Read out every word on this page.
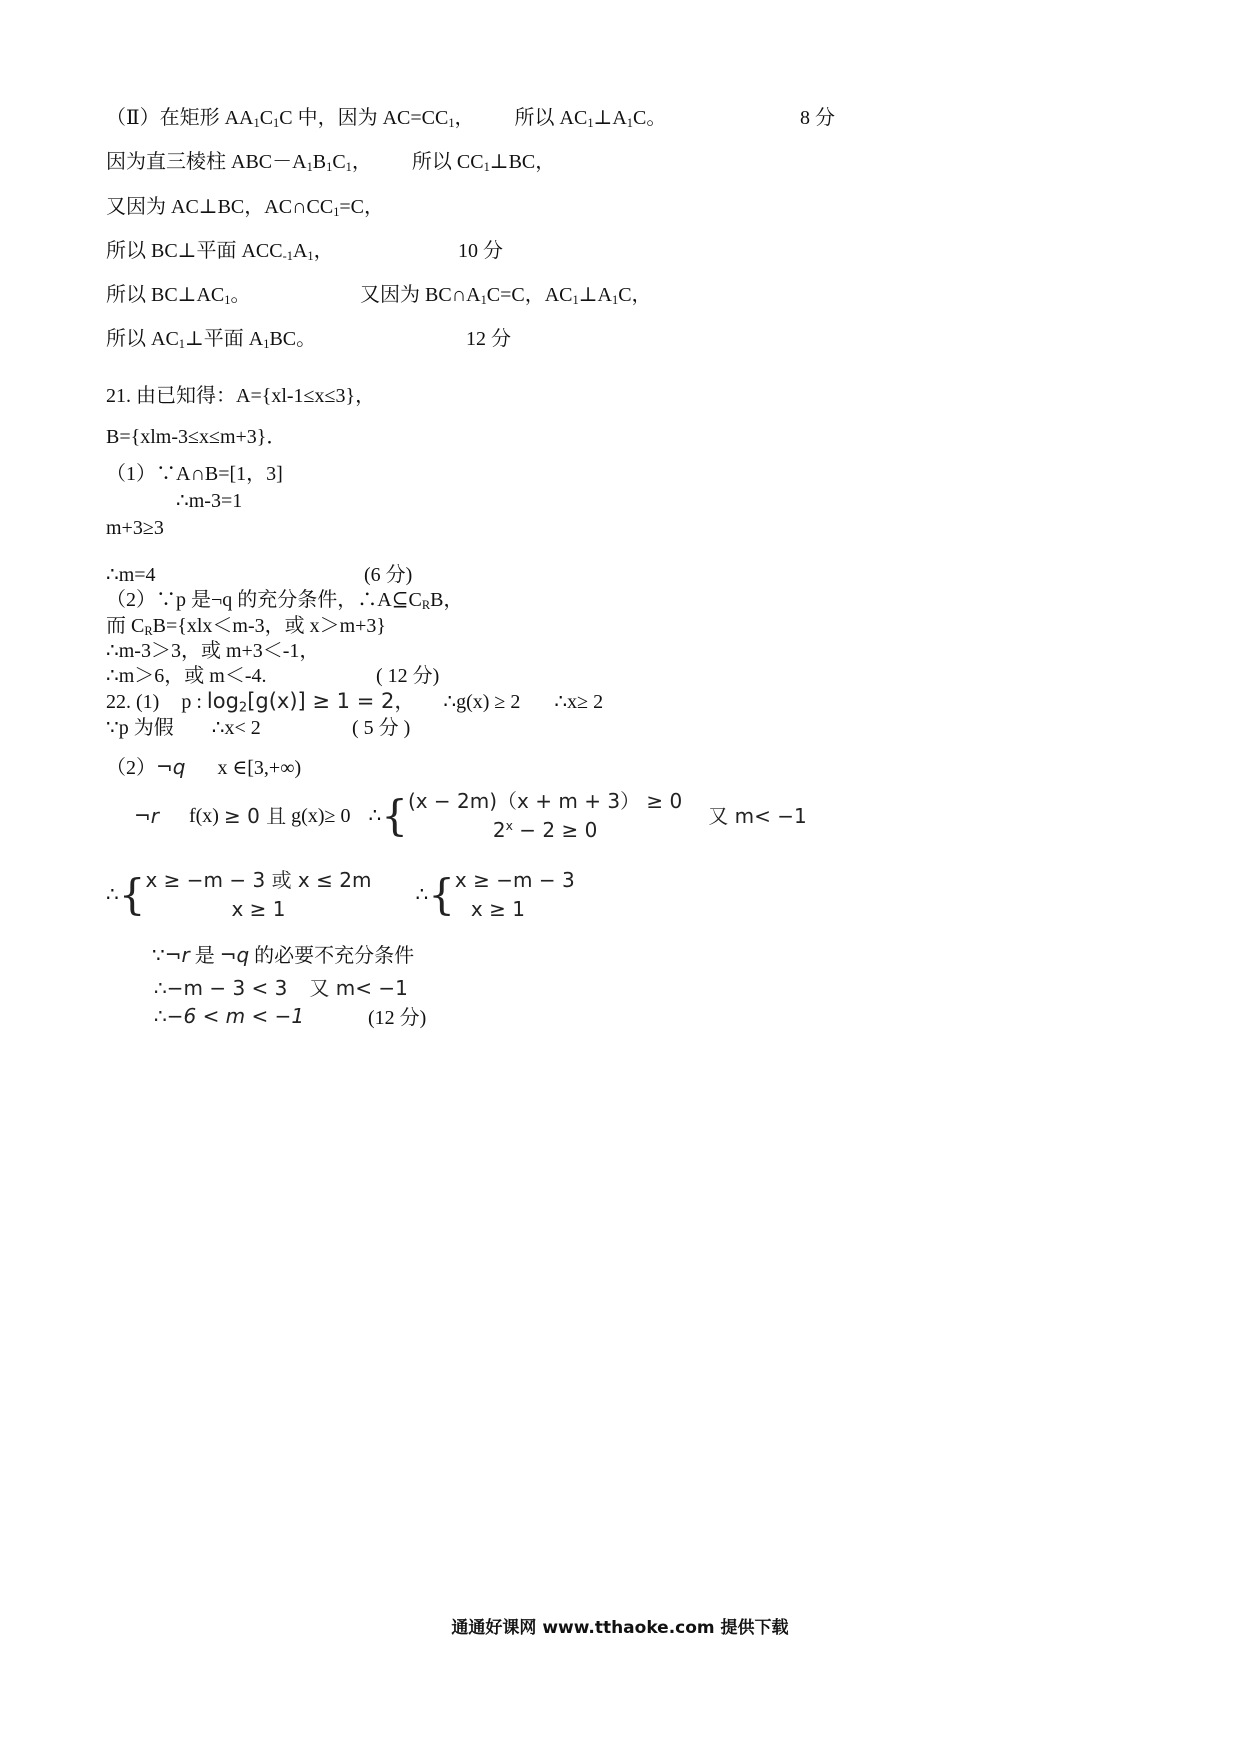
（Ⅱ）在矩形 $AA_1C_1C$ 中，因为 $AC=CC_1$， 所以 $AC_1\perp A_1C$。	8 分
因为直三棱柱 $ABC-A_1B_1C_1$， 所以 $CC_1\perp BC$，
又因为 AC⊥BC，$AC\cap CC_1=C$，
所以 BC⊥平面 $ACC_{-1}A_1$，	10 分
所以 $BC\perp AC_1$。	又因为 $BC\cap A_1C=C$，$AC_1\perp A_1C$，
所以 $AC_1\perp$平面 $A_1BC$。	12 分
21. 由已知得：A={xl-1≤x≤3}，
B={xlm-3≤x≤m+3}．
（1）∵A∩B=[1，3]
∴m-3=1
m+3≥3
∴m=4	(6 分)
（2）∵p 是¬q 的充分条件，$\therefore A⊆C_RB$，
而 $C_RB=\{xlx<m-3$，或 x＞m+3}
∴m-3＞3，或 m+3＜-1，
∴m＞6，或 m＜-4.	( 12 分)
22. (1) p : $\log_2[g(x)] \ge 1 = 2$， ∴g(x) ≥ 2 ∴x≥ 2
∵p 为假 ∴x< 2	( 5 分 )
（2）¬q x ∈[3,+∞)
¬r f(x) ≥ 0 且 g(x)≥ 0 ∴{ (x − 2m)（x + m + 3） ≥ 0
$2^x - 2 \ge 0$
又 m< −1
∴{ x ≥ −m − 3 或 x ≤ 2m
x ≥ 1
∴{ x ≥ −m − 3
x ≥ 1
∵¬r 是 ¬q 的必要不充分条件
∴−m − 3 < 3 又 m< −1
∴−6 < m < −1	(12 分)
通通好课网 www.tthaoke.com 提供下载
